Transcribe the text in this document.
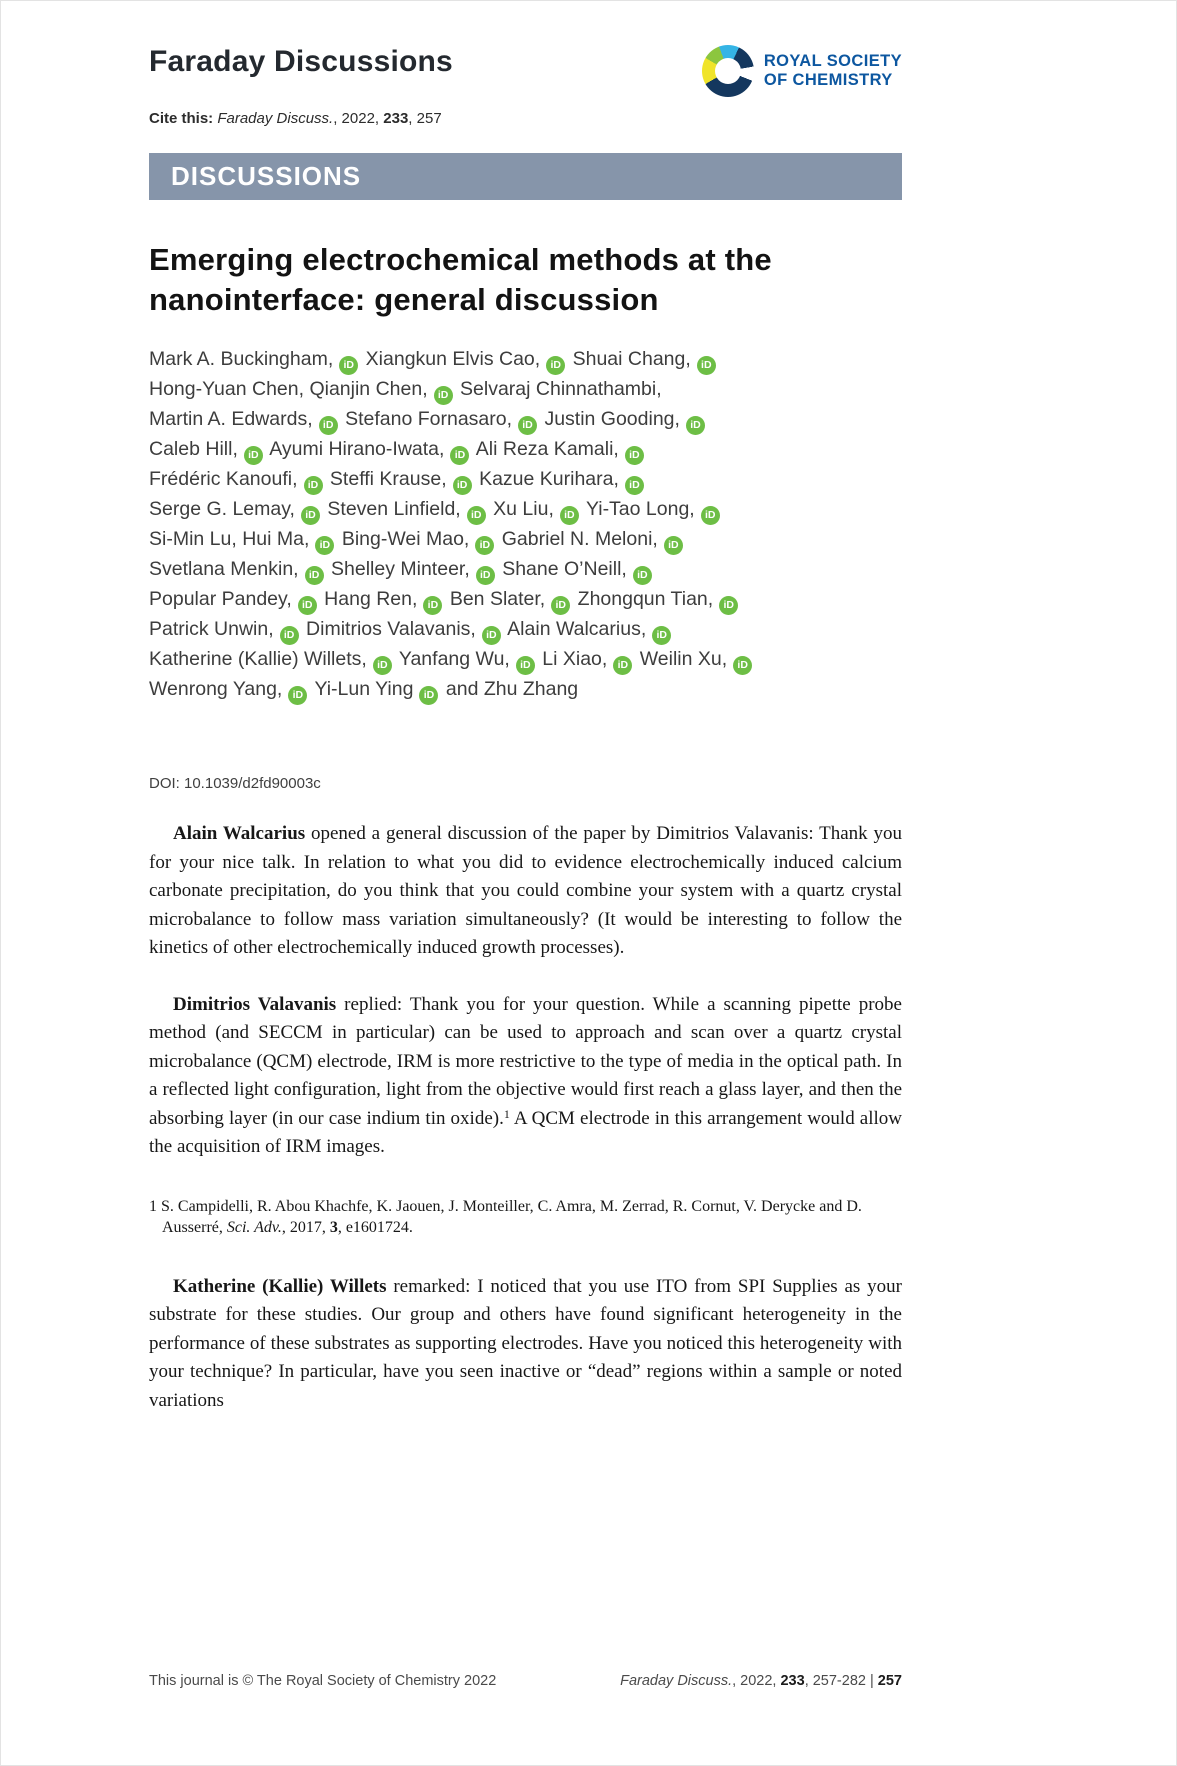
Faraday Discussions	ROYAL SOCIETY
OF CHEMISTRY
Cite this: Faraday Discuss., 2022, 233, 257
DISCUSSIONS
Emerging electrochemical methods at the
nanointerface: general discussion
Mark A. Buckingham, iD Xiangkun Elvis Cao, iD Shuai Chang, iD
Hong-Yuan Chen, Qianjin Chen, iD Selvaraj Chinnathambi,
Martin A. Edwards, iD Stefano Fornasaro, iD Justin Gooding, iD
Caleb Hill, iD Ayumi Hirano-Iwata, iD Ali Reza Kamali, iD
Frédéric Kanoufi, iD Steffi Krause, iD Kazue Kurihara, iD
Serge G. Lemay, iD Steven Linfield, iD Xu Liu, iD Yi-Tao Long, iD
Si-Min Lu, Hui Ma, iD Bing-Wei Mao, iD Gabriel N. Meloni, iD
Svetlana Menkin, iD Shelley Minteer, iD Shane O’Neill, iD
Popular Pandey, iD Hang Ren, iD Ben Slater, iD Zhongqun Tian, iD
Patrick Unwin, iD Dimitrios Valavanis, iD Alain Walcarius, iD
Katherine (Kallie) Willets, iD Yanfang Wu, iD Li Xiao, iD Weilin Xu, iD
Wenrong Yang, iD Yi-Lun Ying iD and Zhu Zhang
DOI: 10.1039/d2fd90003c

Alain Walcarius opened a general discussion of the paper by Dimitrios Valavanis: Thank you for your nice talk. In relation to what you did to evidence electrochemically induced calcium carbonate precipitation, do you think that you could combine your system with a quartz crystal microbalance to follow mass variation simultaneously? (It would be interesting to follow the kinetics of other electrochemically induced growth processes).

Dimitrios Valavanis replied: Thank you for your question. While a scanning pipette probe method (and SECCM in particular) can be used to approach and scan over a quartz crystal microbalance (QCM) electrode, IRM is more restrictive to the type of media in the optical path. In a reflected light configuration, light from the objective would first reach a glass layer, and then the absorbing layer (in our case indium tin oxide).$^1$ A QCM electrode in this arrangement would allow the acquisition of IRM images.

1 S. Campidelli, R. Abou Khachfe, K. Jaouen, J. Monteiller, C. Amra, M. Zerrad, R. Cornut, V. Derycke and D. Ausserré, Sci. Adv., 2017, 3, e1601724.

Katherine (Kallie) Willets remarked: I noticed that you use ITO from SPI Supplies as your substrate for these studies. Our group and others have found significant heterogeneity in the performance of these substrates as supporting electrodes. Have you noticed this heterogeneity with your technique? In particular, have you seen inactive or “dead” regions within a sample or noted variations

This journal is © The Royal Society of Chemistry 2022	Faraday Discuss., 2022, 233, 257-282 | 257
